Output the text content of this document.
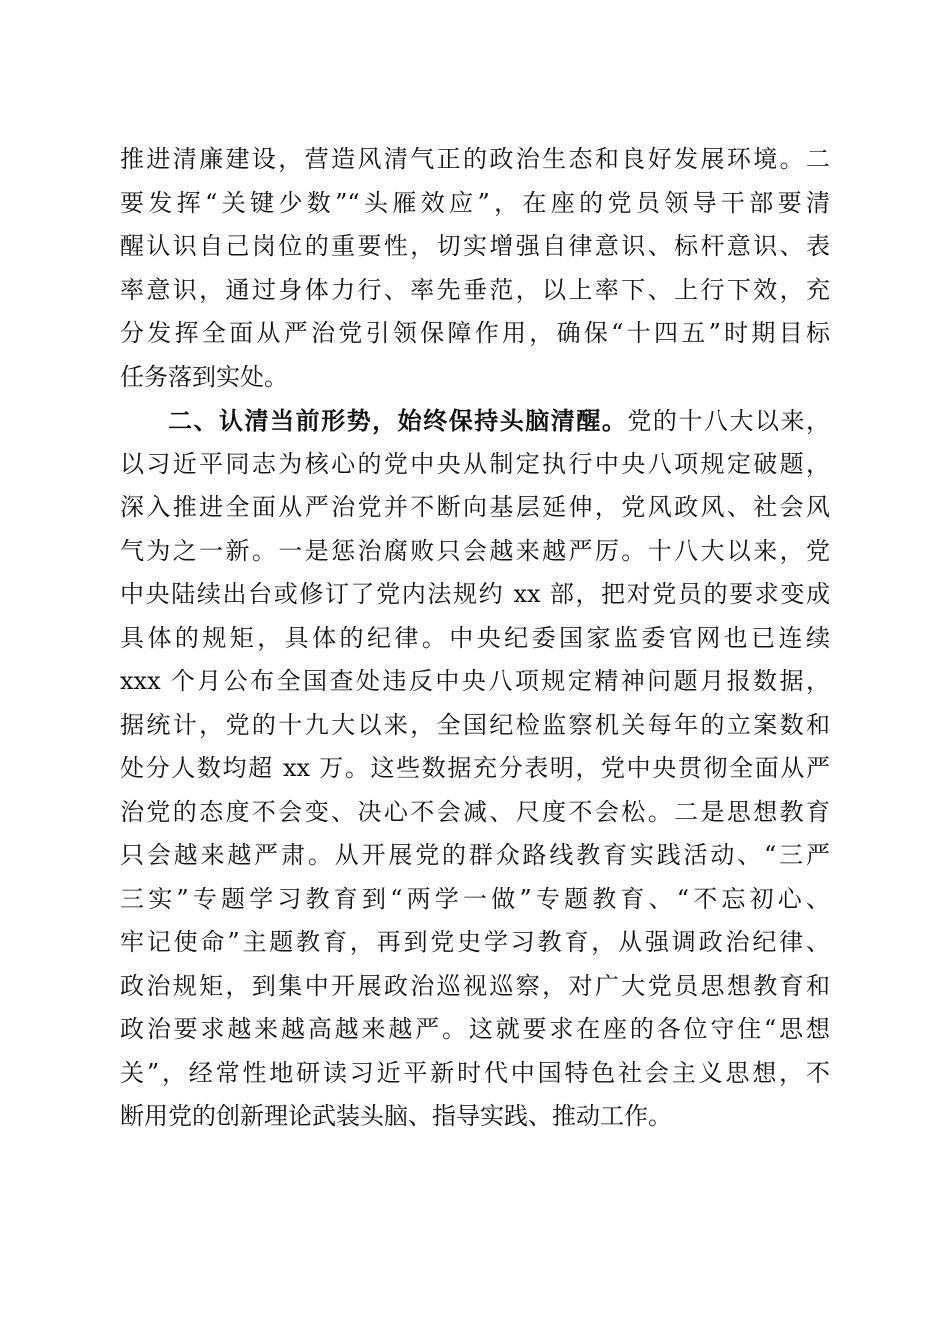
推进清廉建设，营造风清气正的政治生态和良好发展环境。二
要发挥“关键少数”“头雁效应”，在座的党员领导干部要清
醒认识自己岗位的重要性，切实增强自律意识、标杆意识、表
率意识，通过身体力行、率先垂范，以上率下、上行下效，充
分发挥全面从严治党引领保障作用，确保“十四五”时期目标
任务落到实处。
二、认清当前形势，始终保持头脑清醒。党的十八大以来，
以习近平同志为核心的党中央从制定执行中央八项规定破题，
深入推进全面从严治党并不断向基层延伸，党风政风、社会风
气为之一新。一是惩治腐败只会越来越严厉。十八大以来，党
中央陆续出台或修订了党内法规约 xx 部，把对党员的要求变成
具体的规矩，具体的纪律。中央纪委国家监委官网也已连续
xxx 个月公布全国查处违反中央八项规定精神问题月报数据，
据统计，党的十九大以来，全国纪检监察机关每年的立案数和
处分人数均超 xx 万。这些数据充分表明，党中央贯彻全面从严
治党的态度不会变、决心不会减、尺度不会松。二是思想教育
只会越来越严肃。从开展党的群众路线教育实践活动、“三严
三实”专题学习教育到“两学一做”专题教育、“不忘初心、
牢记使命”主题教育，再到党史学习教育，从强调政治纪律、
政治规矩，到集中开展政治巡视巡察，对广大党员思想教育和
政治要求越来越高越来越严。这就要求在座的各位守住“思想
关”，经常性地研读习近平新时代中国特色社会主义思想，不
断用党的创新理论武装头脑、指导实践、推动工作。
